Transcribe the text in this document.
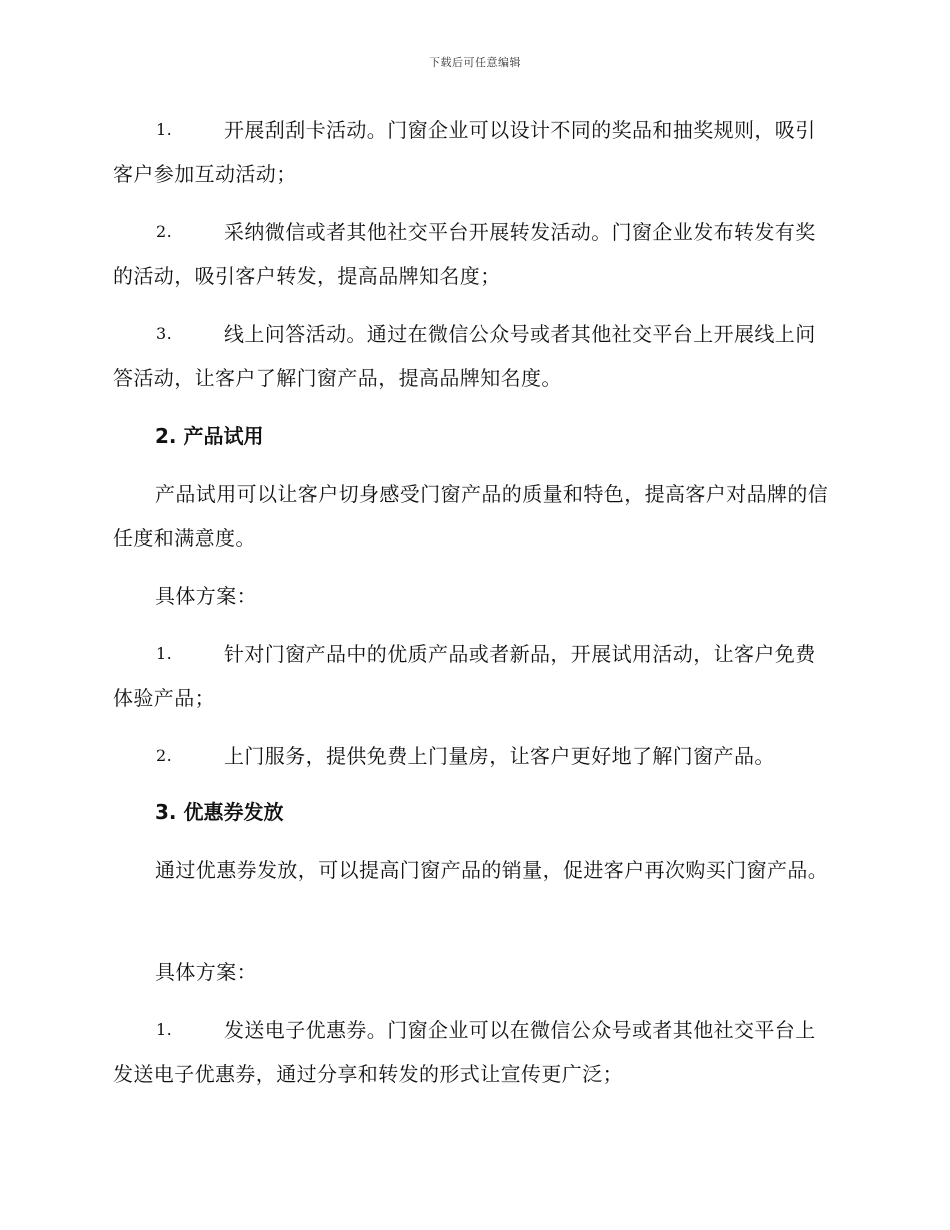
下载后可任意编辑
1.	开展刮刮卡活动。门窗企业可以设计不同的奖品和抽奖规则，吸引客户参加互动活动；
2.	采纳微信或者其他社交平台开展转发活动。门窗企业发布转发有奖的活动，吸引客户转发，提高品牌知名度；
3.	线上问答活动。通过在微信公众号或者其他社交平台上开展线上问答活动，让客户了解门窗产品，提高品牌知名度。
2. 产品试用
产品试用可以让客户切身感受门窗产品的质量和特色，提高客户对品牌的信任度和满意度。
具体方案：
1.	针对门窗产品中的优质产品或者新品，开展试用活动，让客户免费体验产品；
2.	上门服务，提供免费上门量房，让客户更好地了解门窗产品。
3. 优惠券发放
通过优惠券发放，可以提高门窗产品的销量，促进客户再次购买门窗产品。
具体方案：
1.	发送电子优惠券。门窗企业可以在微信公众号或者其他社交平台上发送电子优惠券，通过分享和转发的形式让宣传更广泛；
